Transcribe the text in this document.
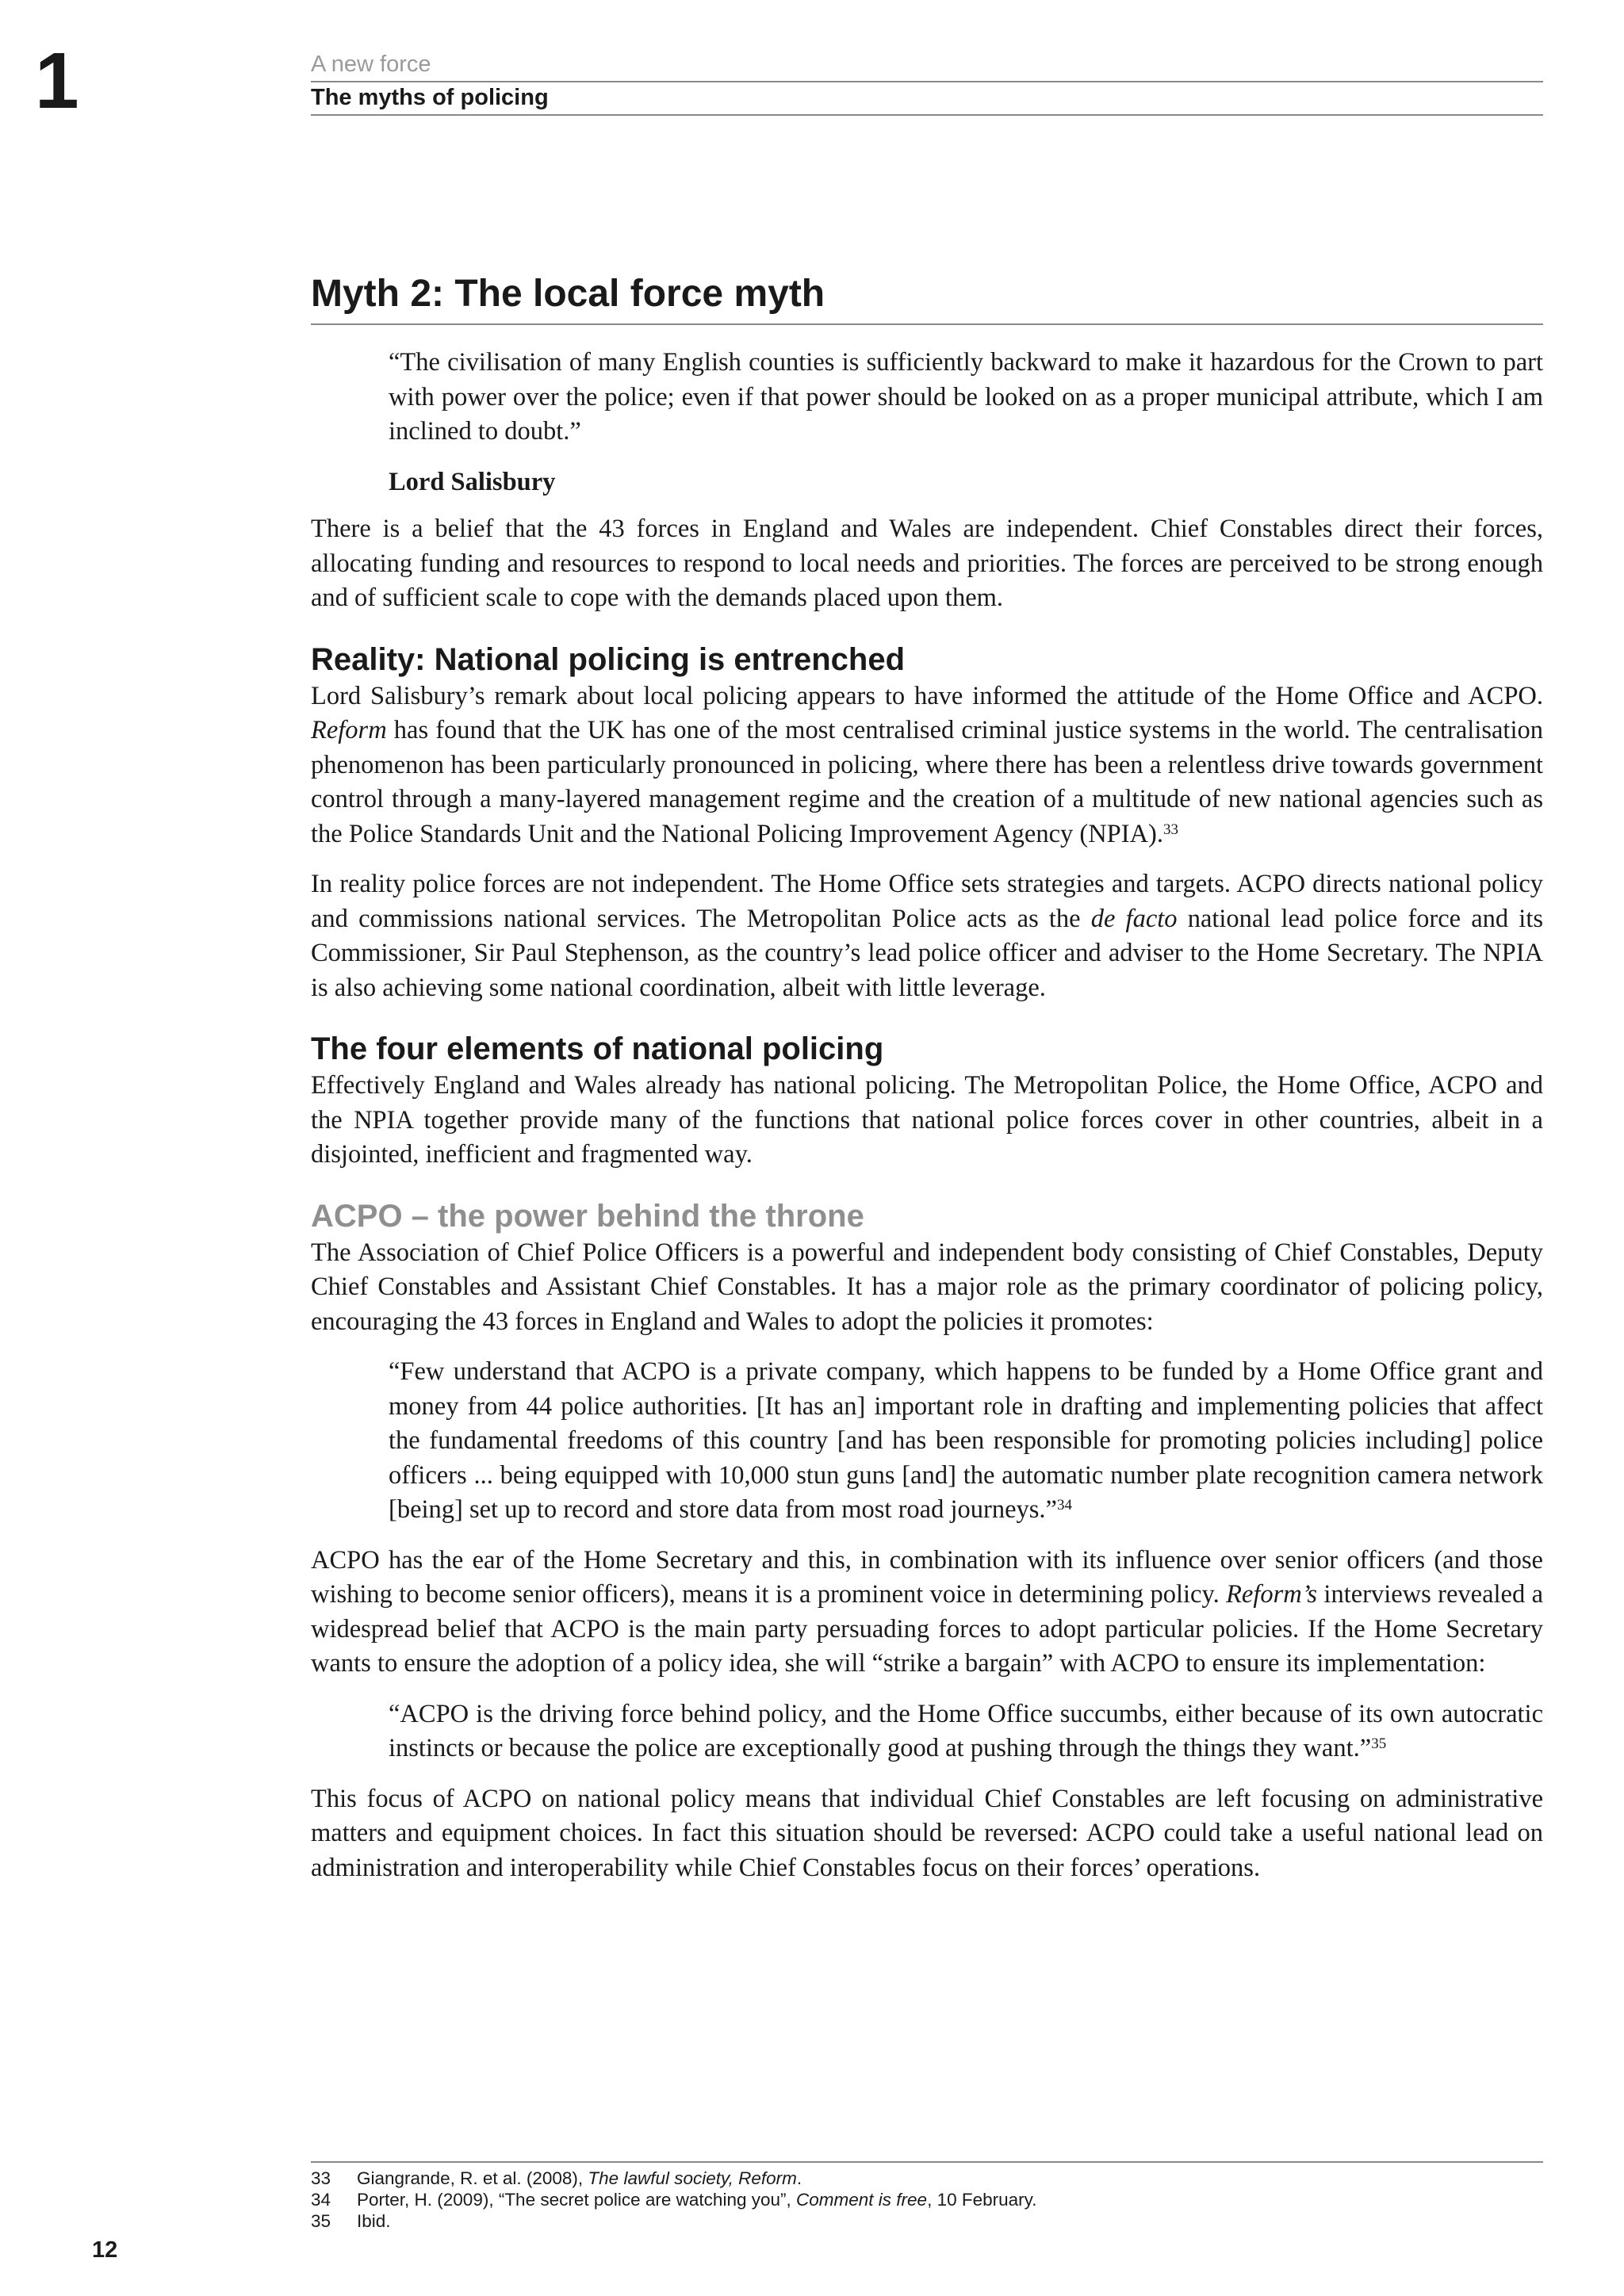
1	A new force
The myths of policing
Myth 2: The local force myth
“The civilisation of many English counties is sufficiently backward to make it hazardous for the Crown to part with power over the police; even if that power should be looked on as a proper municipal attribute, which I am inclined to doubt.”
Lord Salisbury

There is a belief that the 43 forces in England and Wales are independent. Chief Constables direct their forces, allocating funding and resources to respond to local needs and priorities. The forces are perceived to be strong enough and of sufficient scale to cope with the demands placed upon them.

Reality: National policing is entrenched

Lord Salisbury’s remark about local policing appears to have informed the attitude of the Home Office and ACPO. Reform has found that the UK has one of the most centralised criminal justice systems in the world. The centralisation phenomenon has been particularly pronounced in policing, where there has been a relentless drive towards government control through a many-layered management regime and the creation of a multitude of new national agencies such as the Police Standards Unit and the National Policing Improvement Agency (NPIA).$^{33}$

In reality police forces are not independent. The Home Office sets strategies and targets. ACPO directs national policy and commissions national services. The Metropolitan Police acts as the de facto national lead police force and its Commissioner, Sir Paul Stephenson, as the country’s lead police officer and adviser to the Home Secretary. The NPIA is also achieving some national coordination, albeit with little leverage.

The four elements of national policing

Effectively England and Wales already has national policing. The Metropolitan Police, the Home Office, ACPO and the NPIA together provide many of the functions that national police forces cover in other countries, albeit in a disjointed, inefficient and fragmented way.

ACPO – the power behind the throne

The Association of Chief Police Officers is a powerful and independent body consisting of Chief Constables, Deputy Chief Constables and Assistant Chief Constables. It has a major role as the primary coordinator of policing policy, encouraging the 43 forces in England and Wales to adopt the policies it promotes:

“Few understand that ACPO is a private company, which happens to be funded by a Home Office grant and money from 44 police authorities. [It has an] important role in drafting and implementing policies that affect the fundamental freedoms of this country [and has been responsible for promoting policies including] police officers ... being equipped with 10,000 stun guns [and] the automatic number plate recognition camera network [being] set up to record and store data from most road journeys.”$^{34}$

ACPO has the ear of the Home Secretary and this, in combination with its influence over senior officers (and those wishing to become senior officers), means it is a prominent voice in determining policy. Reform’s interviews revealed a widespread belief that ACPO is the main party persuading forces to adopt particular policies. If the Home Secretary wants to ensure the adoption of a policy idea, she will “strike a bargain” with ACPO to ensure its implementation:

“ACPO is the driving force behind policy, and the Home Office succumbs, either because of its own autocratic instincts or because the police are exceptionally good at pushing through the things they want.”$^{35}$

This focus of ACPO on national policy means that individual Chief Constables are left focusing on administrative matters and equipment choices. In fact this situation should be reversed: ACPO could take a useful national lead on administration and interoperability while Chief Constables focus on their forces’ operations.

33	Giangrande, R. et al. (2008), The lawful society, Reform.
34	Porter, H. (2009), “The secret police are watching you”, Comment is free, 10 February.
35	Ibid.
12
